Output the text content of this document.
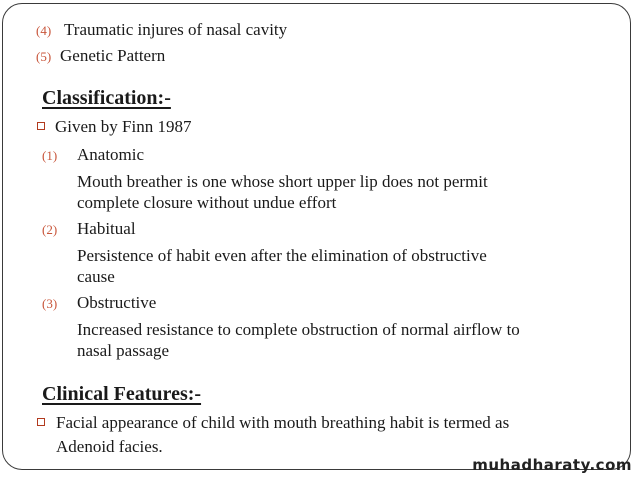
(4) Traumatic injures of nasal cavity
(5) Genetic Pattern
Classification:-
Given by Finn 1987
(1) Anatomic
Mouth breather is one whose short upper lip does not permit
complete closure without undue effort
(2) Habitual
Persistence of habit even after the elimination of obstructive
cause
(3) Obstructive
Increased resistance to complete obstruction of normal airflow to
nasal passage
Clinical Features:-
Facial appearance of child with mouth breathing habit is termed as
Adenoid facies.
muhadharaty.com
